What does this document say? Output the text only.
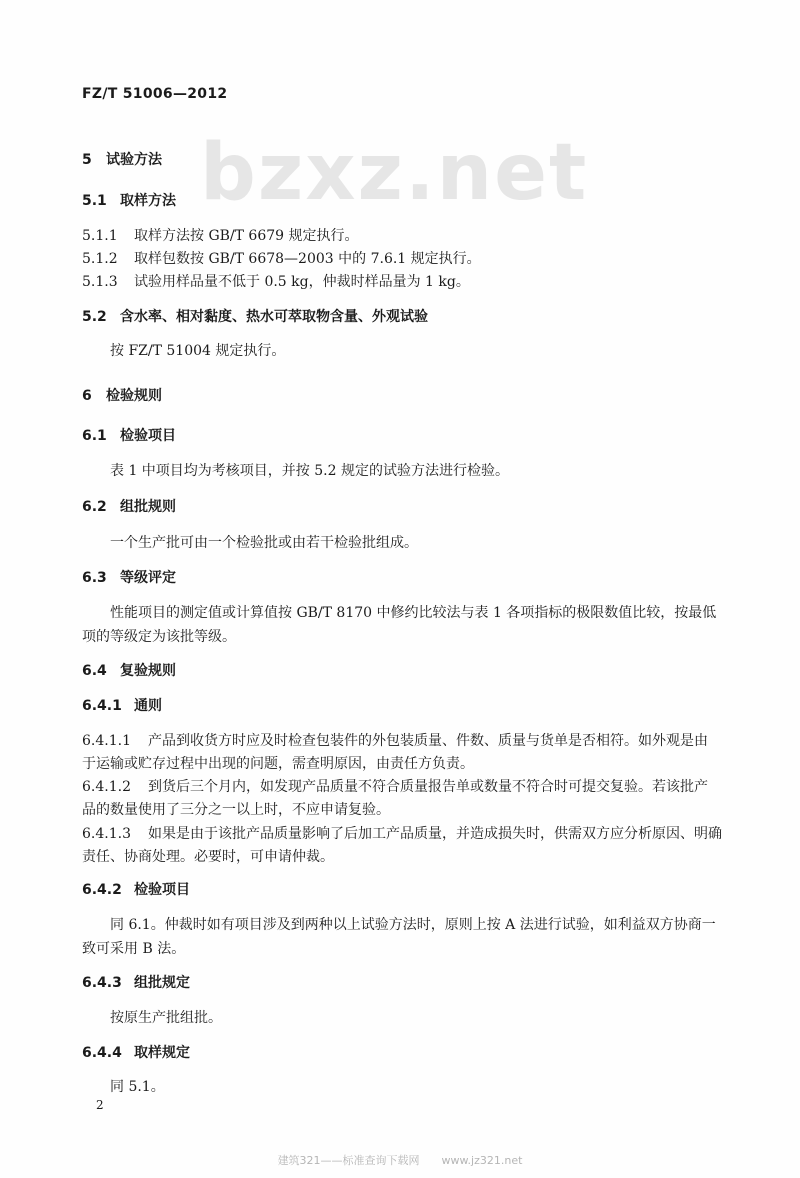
FZ/T 51006—2012
bzxz.net
5 试验方法
5.1 取样方法
5.1.1 取样方法按 GB/T 6679 规定执行。
5.1.2 取样包数按 GB/T 6678—2003 中的 7.6.1 规定执行。
5.1.3 试验用样品量不低于 0.5 kg，仲裁时样品量为 1 kg。
5.2 含水率、相对黏度、热水可萃取物含量、外观试验
按 FZ/T 51004 规定执行。
6 检验规则
6.1 检验项目
表 1 中项目均为考核项目，并按 5.2 规定的试验方法进行检验。
6.2 组批规则
一个生产批可由一个检验批或由若干检验批组成。
6.3 等级评定
性能项目的测定值或计算值按 GB/T 8170 中修约比较法与表 1 各项指标的极限数值比较，按最低
项的等级定为该批等级。
6.4 复验规则
6.4.1 通则
6.4.1.1 产品到收货方时应及时检查包装件的外包装质量、件数、质量与货单是否相符。如外观是由
于运输或贮存过程中出现的问题，需查明原因，由责任方负责。
6.4.1.2 到货后三个月内，如发现产品质量不符合质量报告单或数量不符合时可提交复验。若该批产
品的数量使用了三分之一以上时，不应申请复验。
6.4.1.3 如果是由于该批产品质量影响了后加工产品质量，并造成损失时，供需双方应分析原因、明确
责任、协商处理。必要时，可申请仲裁。
6.4.2 检验项目
同 6.1。仲裁时如有项目涉及到两种以上试验方法时，原则上按 A 法进行试验，如利益双方协商一
致可采用 B 法。
6.4.3 组批规定
按原生产批组批。
6.4.4 取样规定
同 5.1。
2
建筑321——标准查询下载网　　www.jz321.net
